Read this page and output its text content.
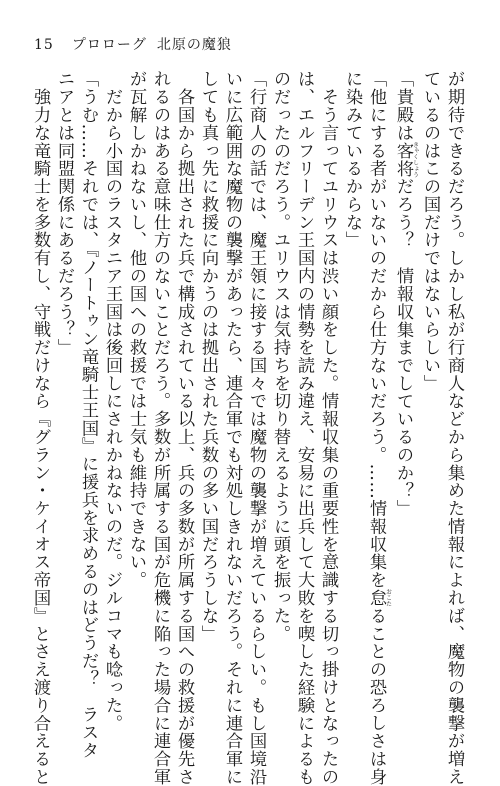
15 プロローグ 北原の魔狼
が期待できるだろう。しかし私が行商人などから集めた情報によれば、魔物の襲撃が増え
ているのはこの国だけではないらしい」
「貴殿は客将きゃくしょうだろう？　情報収集までしているのか？」
「他にする者がいないのだから仕方ないだろう。……情報収集を怠おこたることの恐ろしさは身
に染みているからな」
　そう言ってユリウスは渋い顔をした。情報収集の重要性を意識する切っ掛けとなったの
は、エルフリーデン王国内の情勢を読み違え、安易に出兵して大敗を喫した経験によるも
のだったのだろう。ユリウスは気持ちを切り替えるように頭を振った。
「行商人の話では、魔王領に接する国々では魔物の襲撃が増えているらしい。もし国境沿
いに広範囲な魔物の襲撃があったら、連合軍でも対処しきれないだろう。それに連合軍に
しても真っ先に救援に向かうのは拠出された兵数の多い国だろうしな」
　各国から拠出された兵で構成されている以上、兵の多数が所属する国への救援が優先さ
れるのはある意味仕方のないことだろう。多数が所属する国が危機に陥った場合に連合軍
が瓦解しかねないし、他の国への救援では士気も維持できない。
　だから小国のラスタニア王国は後回しにされかねないのだ。ジルコマも唸った。
「うむ……それでは、『ノートゥン竜騎士王国』に援兵を求めるのはどうだ？　ラスタ
ニアとは同盟関係にあるだろう？」
　強力な竜騎士を多数有し、守戦だけなら『グラン・ケイオス帝国』とさえ渡り合えると
